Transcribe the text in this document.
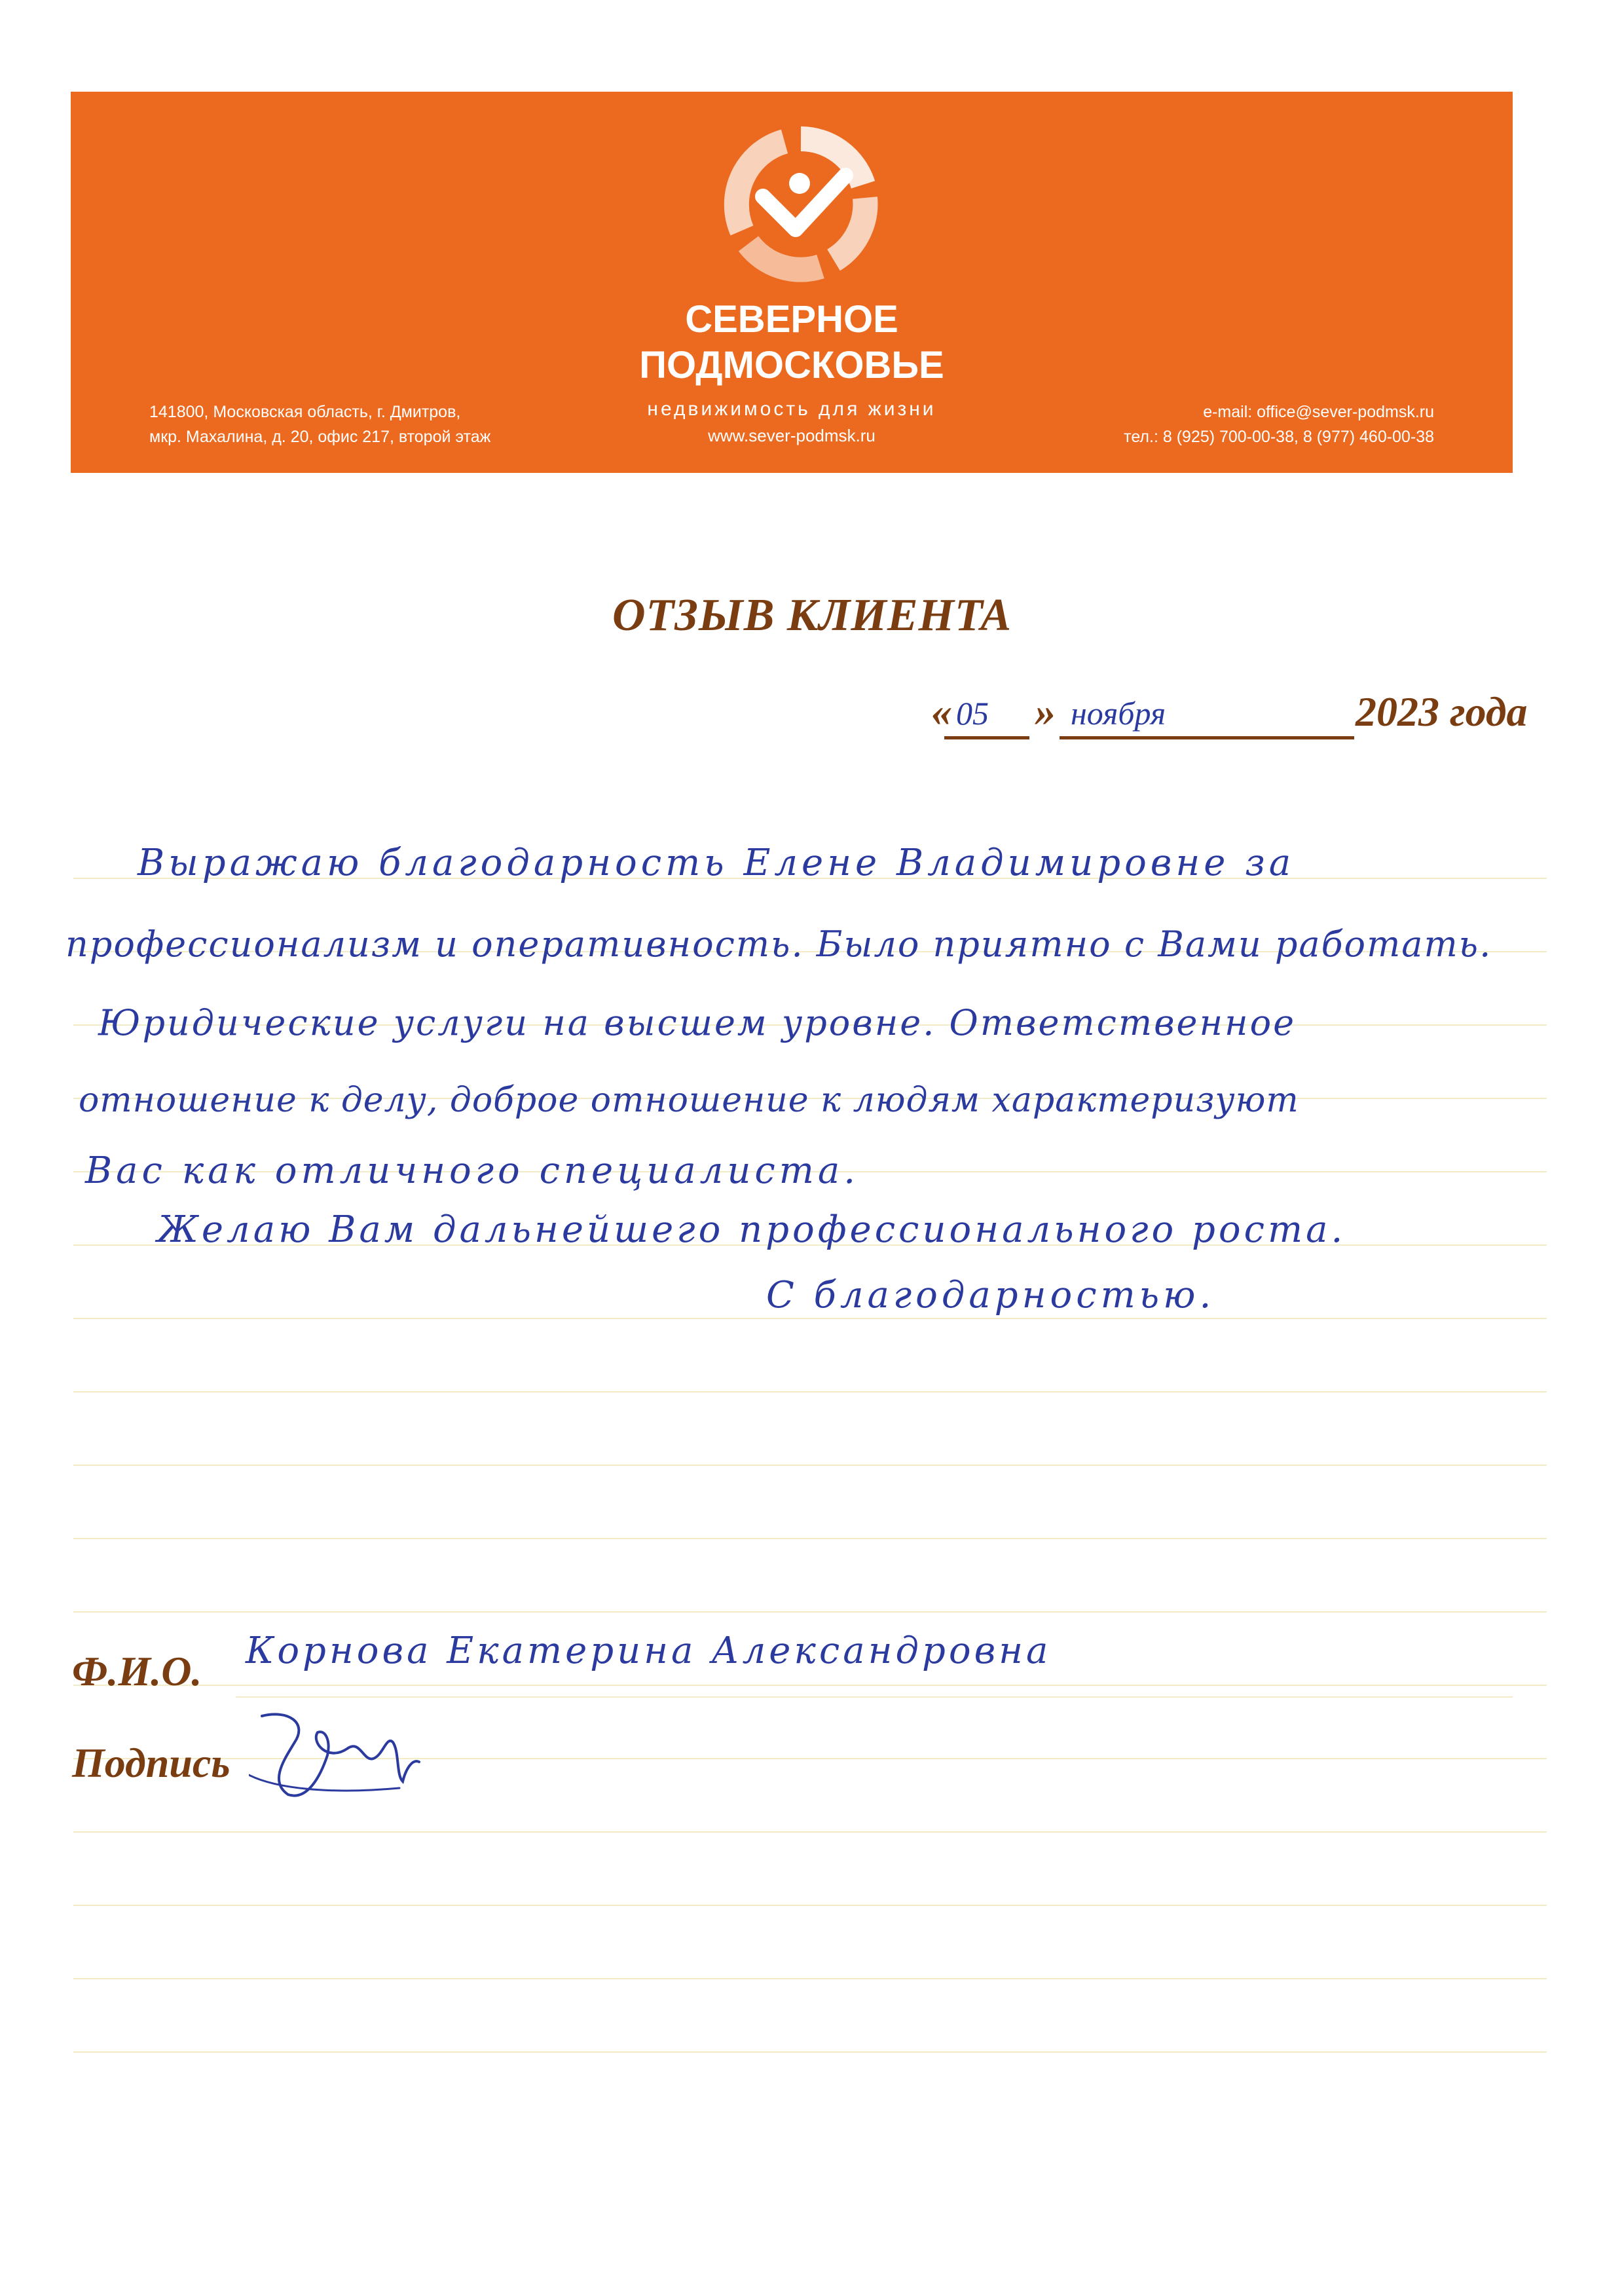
СЕВЕРНОЕ
ПОДМОСКОВЬЕ
недвижимость для жизни
www.sever-podmsk.ru
141800, Московская область, г. Дмитров,
мкр. Махалина, д. 20, офис 217, второй этаж
e-mail: office@sever-podmsk.ru
тел.: 8 (925) 700-00-38, 8 (977) 460-00-38
ОТЗЫВ КЛИЕНТА
« 05 » ноября	2023 года
Выражаю благодарность Елене Владимировне за
профессионализм и оперативность. Было приятно с Вами работать.
Юридические услуги на высшем уровне. Ответственное
отношение к делу, доброе отношение к людям характеризуют
Вас как отличного специалиста.
Желаю Вам дальнейшего профессионального роста.
С благодарностью.
Ф.И.О. Корнова Екатерина Александровна
Подпись
